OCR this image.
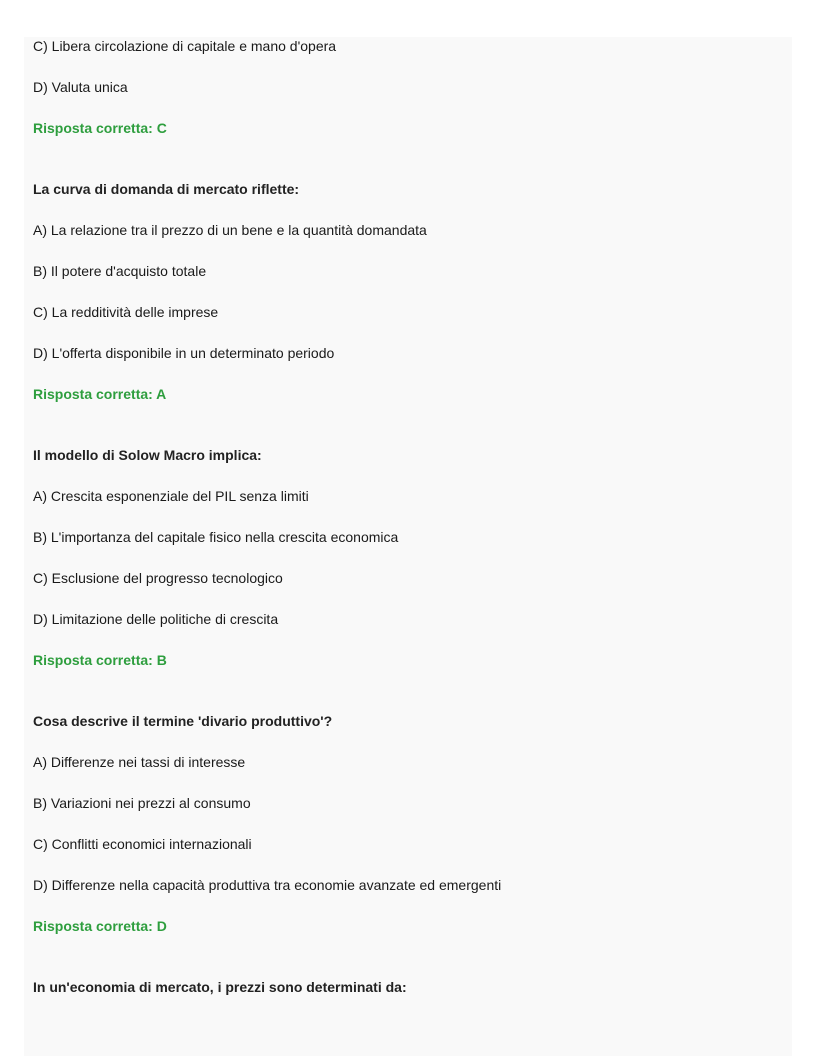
C) Libera circolazione di capitale e mano d'opera
D) Valuta unica
Risposta corretta: C
La curva di domanda di mercato riflette:
A) La relazione tra il prezzo di un bene e la quantità domandata
B) Il potere d'acquisto totale
C) La redditività delle imprese
D) L'offerta disponibile in un determinato periodo
Risposta corretta: A
Il modello di Solow Macro implica:
A) Crescita esponenziale del PIL senza limiti
B) L'importanza del capitale fisico nella crescita economica
C) Esclusione del progresso tecnologico
D) Limitazione delle politiche di crescita
Risposta corretta: B
Cosa descrive il termine 'divario produttivo'?
A) Differenze nei tassi di interesse
B) Variazioni nei prezzi al consumo
C) Conflitti economici internazionali
D) Differenze nella capacità produttiva tra economie avanzate ed emergenti
Risposta corretta: D
In un'economia di mercato, i prezzi sono determinati da:
